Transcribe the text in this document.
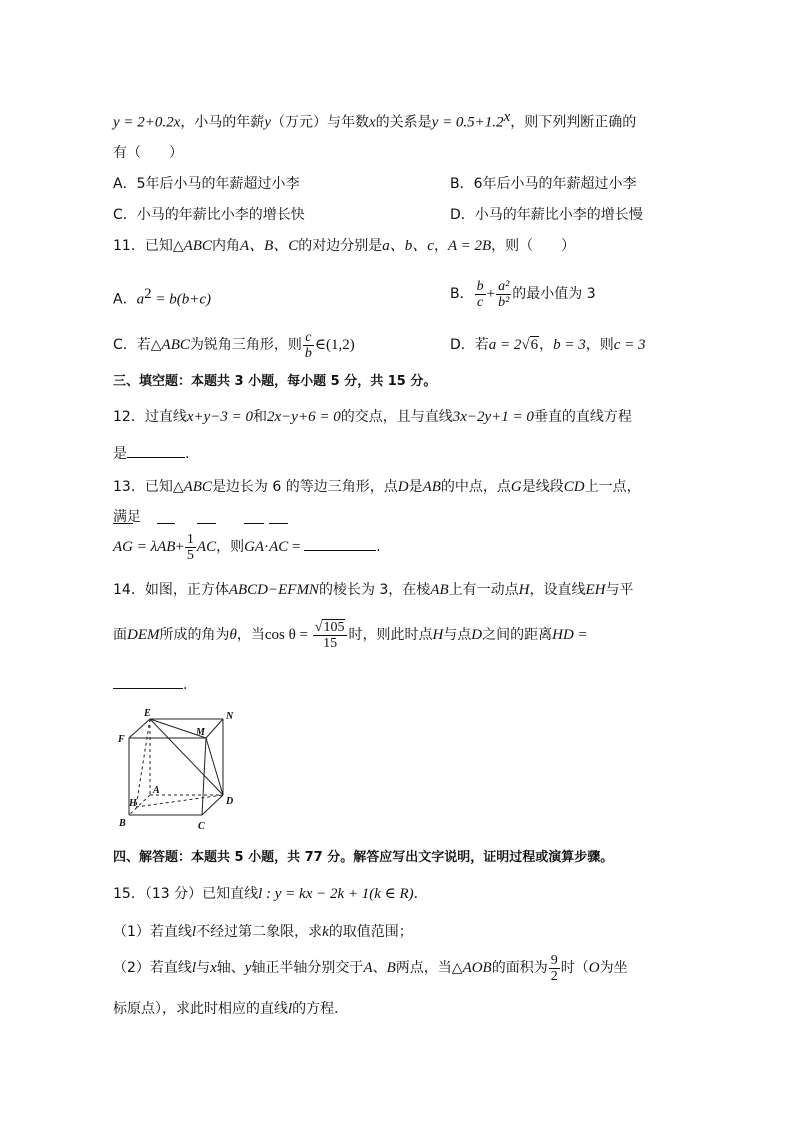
y = 2+0.2x，小马的年薪y（万元）与年数x的关系是$y = 0.5+1.2^x$，则下列判断正确的
有（　　）
A．5年后小马的年薪超过小李	B．6年后小马的年薪超过小李
C．小马的年薪比小李的增长快	D．小马的年薪比小李的增长慢
11．已知△ABC内角A、B、C的对边分别是a、b、c，A = 2B，则（　　）
A．$a^2 = b(b+c)$	B． $\frac{b}{c} + \frac{\text{a²}}{\text{b²}}$ 的最小值为 3
C．若△ABC为锐角三角形，则 $\frac{c}{b}$ ∈(1,2)	D．若a = 2√6，b = 3，则c = 3
三、填空题：本题共 3 小题，每小题 5 分，共 15 分。
12．过直线x+y−3 = 0和2x−y+6 = 0的交点，且与直线3x−2y+1 = 0垂直的直线方程
是	.
13．已知△ABC是边长为 6 的等边三角形，点D是AB的中点，点G是线段CD上一点，
满足
AG = $\lambda AB+ \frac{1}{5}$ AC，则GA·AC =	.
14．如图，正方体ABCD−EFMN的棱长为 3，在棱AB上有一动点H，设直线EH与平
面DEM所成的角为θ，当$\cos \theta = \frac{√105}{15}$ 时，则此时点H与点D之间的距离HD =
.
E	N
M
F
A
H	D
B	C
四、解答题：本题共 5 小题，共 77 分。解答应写出文字说明，证明过程或演算步骤。
15．（13 分）已知直线l : y = kx − 2k + 1(k ∈ R)．
（1）若直线l不经过第二象限，求k的取值范围；
（2）若直线l与x轴、y轴正半轴分别交于A、B两点，当△AOB的面积为 $\frac{9}{2}$ 时（O为坐
标原点），求此时相应的直线l的方程．
